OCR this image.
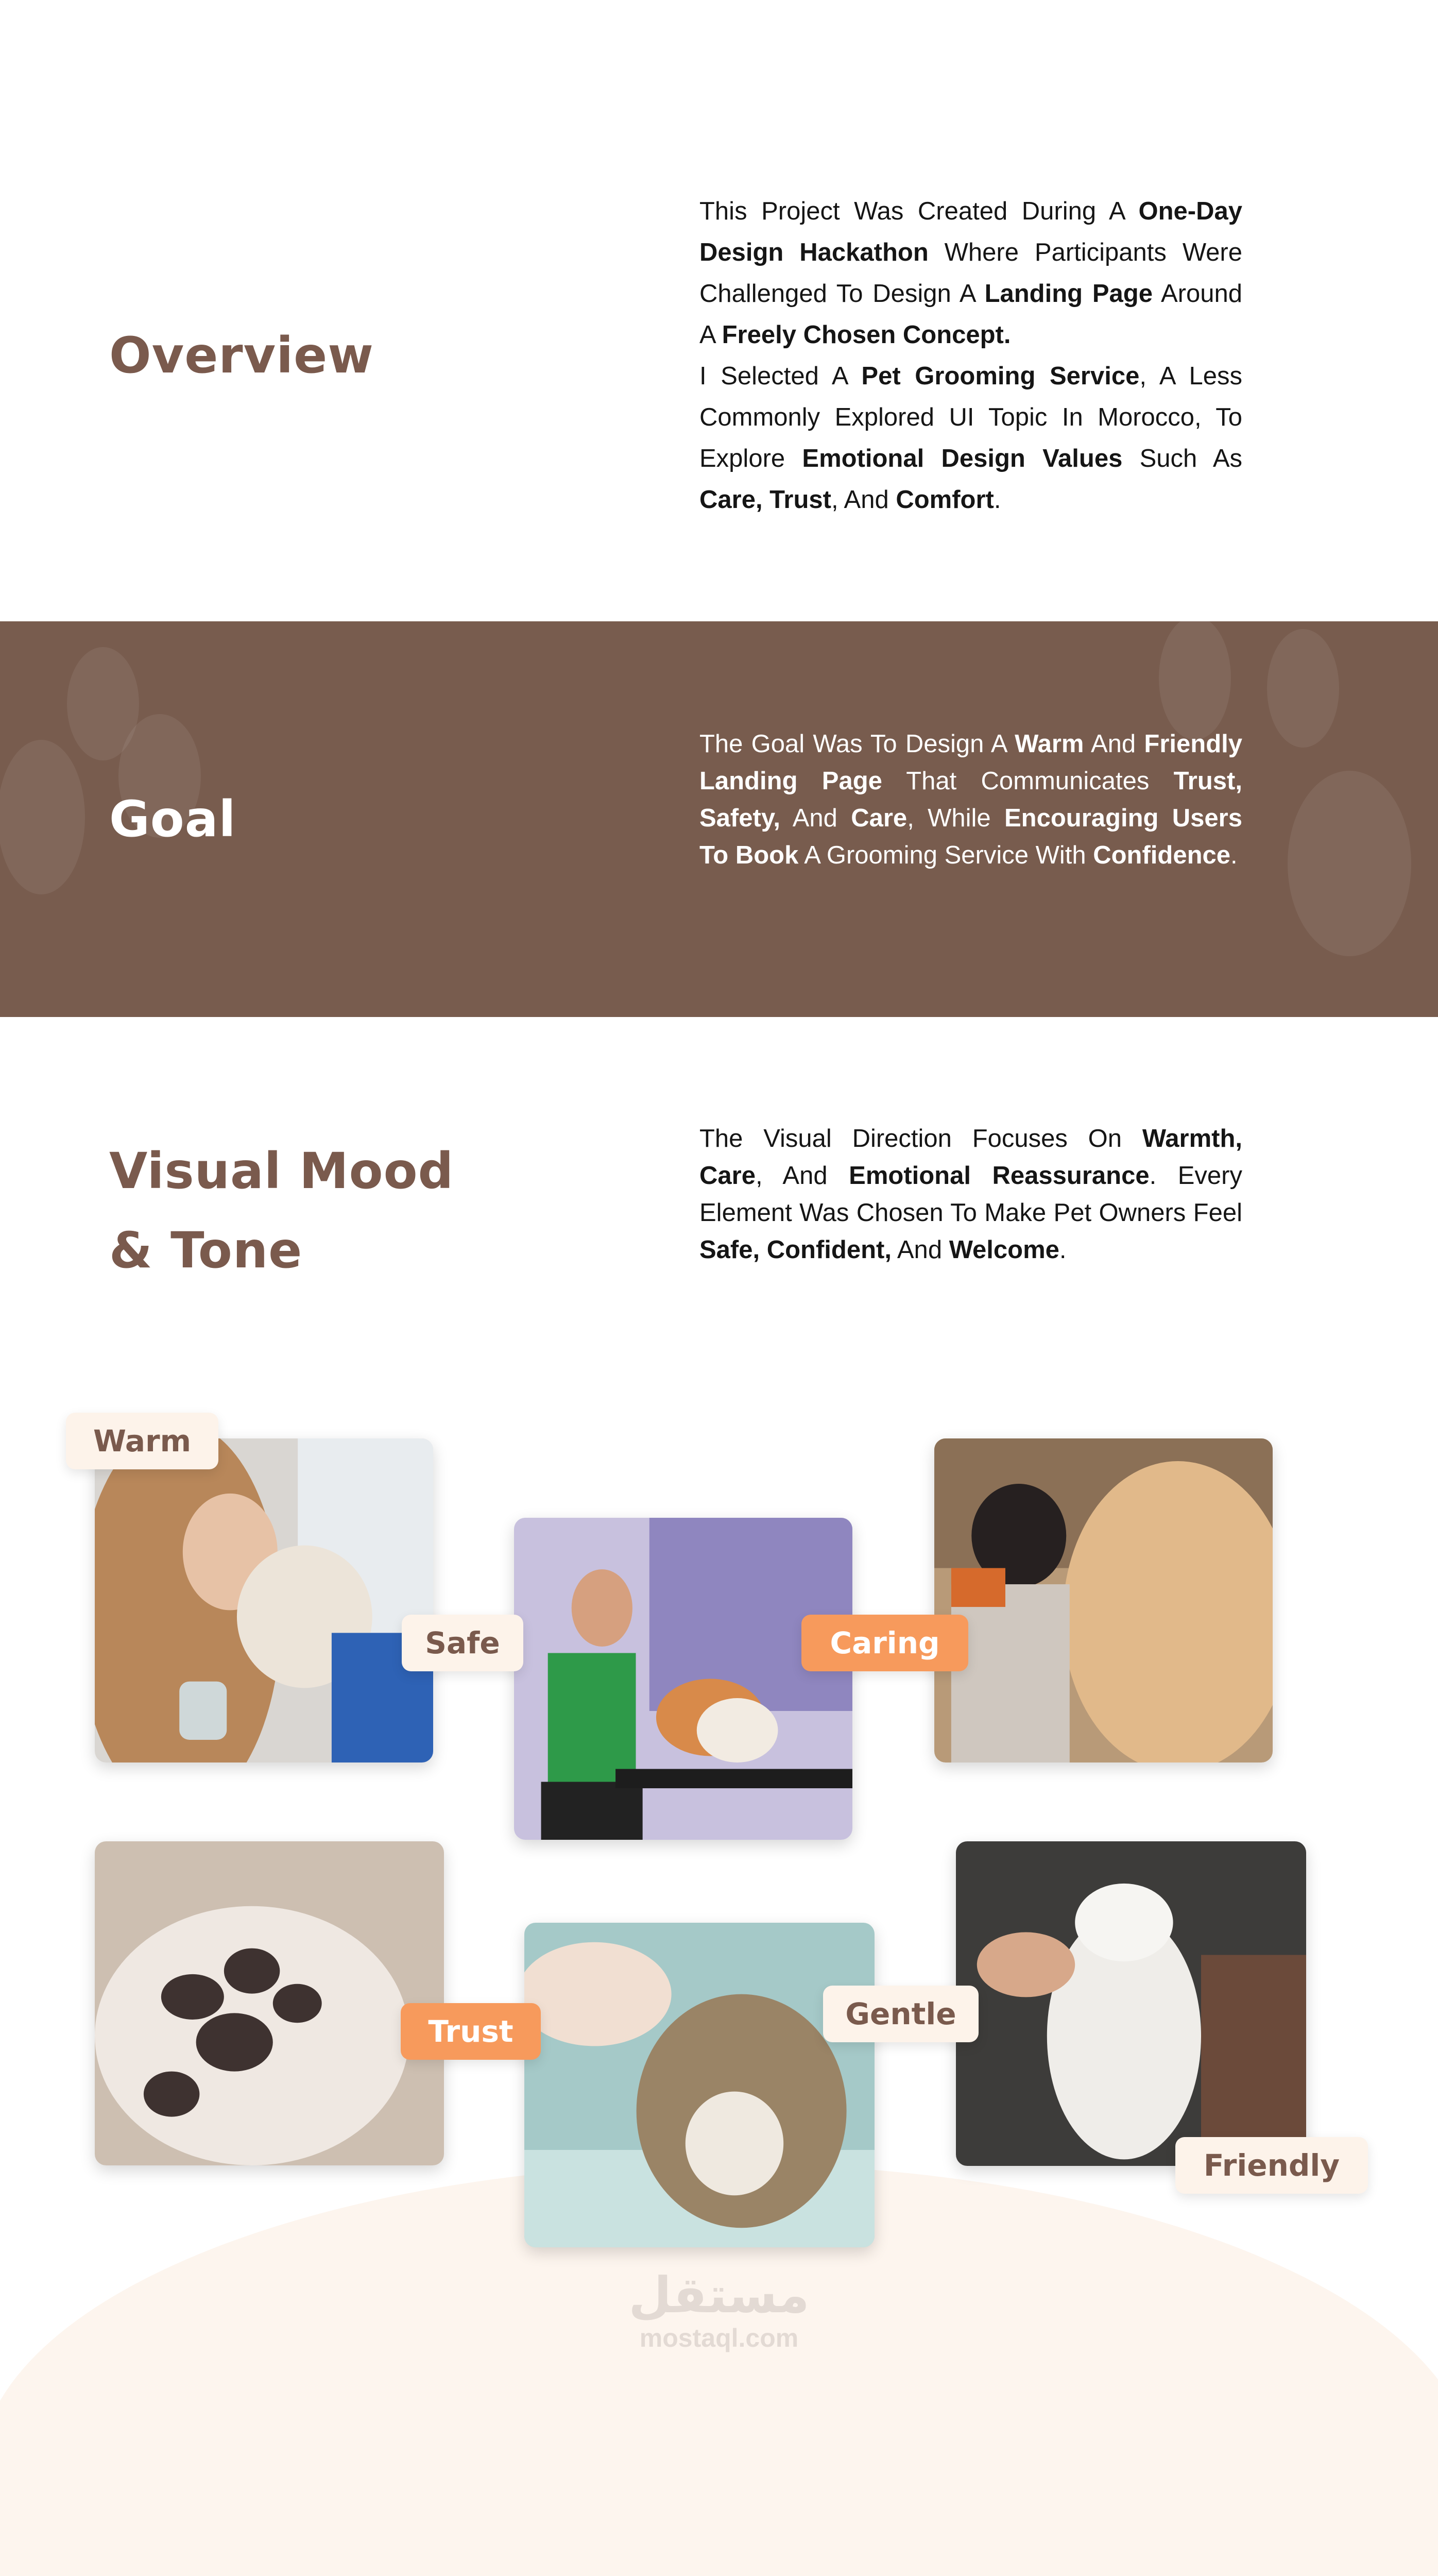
Overview

This Project Was Created During A One-Day Design Hackathon Where Participants Were Challenged To Design A Landing Page Around A Freely Chosen Concept.
I Selected A Pet Grooming Service, A Less Commonly Explored UI Topic In Morocco, To Explore Emotional Design Values Such As Care, Trust, And Comfort.

Goal

The Goal Was To Design A Warm And Friendly Landing Page That Communicates Trust, Safety, And Care, While Encouraging Users To Book A Grooming Service With Confidence.

Visual Mood
& Tone

The Visual Direction Focuses On Warmth, Care, And Emotional Reassurance. Every Element Was Chosen To Make Pet Owners Feel Safe, Confident, And Welcome.

Warm
Safe	Caring
Trust	Gentle
Friendly
مستقل
mostaql.com
